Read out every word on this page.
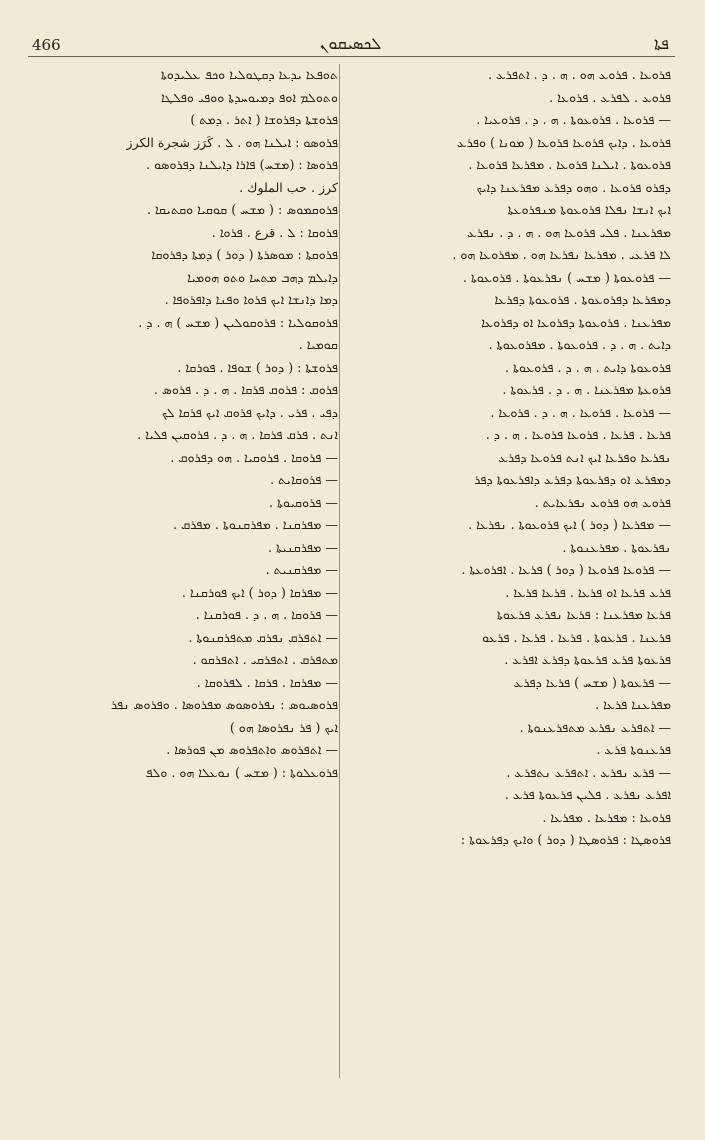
466	ܠܟܣܝܩܘܢ	ܦܬܐ
ܬܘܦܥܐ ܝܕܥܐ ܕܩܛܘܠܝܐ ܘܟܦ ܥܠܝܕܘܬܐ
ܘܬܘܠܡ ܐܘܦ ܕܡܝܘܚܕܬܐ ܘܘܦܝ ܘܦܠܛܐ
ܦܪܘܫܬܐ ܕܦܪܘܫܐ ( ܐܬܪ . ܕܡܬ )
ܦܪܘܣܘ : ܐܝܠܢܐ ܗܘ . ܠ . كَرَز شجرة الكرز
ܦܪܘܣܐ : (ܡܫܚ) ܦܐܪܐ ܕܐܝܠܢܐ ܕܦܪܘܣܘ .
كرز . حب الملوك .
ܦܪܘܩܡܘܣ : ( ܡܫܚ ) ܩܘܩܝܐ ܘܩܬܝܩܐ .
ܦܪܘܩܐ : ܠ . قرع . ܦܪܘܐ .
ܦܪܘܩܬܐ : ܡܘܣܪܬܐ ( ܕܘܪ ) ܕܡܬܐ ܕܦܪܘܩܐ
ܕܐܝܠܡ ܕܗܒ ܡܬܚܐ ܘܬܘ ܗܘܡܝܐ
ܕܡܐ ܕܐܢܫܐ ܐܝܟ ܦܪܘܐ ܘܦܢܐ ܕܐܦܪܘܦܐ .
ܦܪܘܩܘܠܝܐ : ܦܪܘܩܘܠܝܢ ( ܡܫܚ ) ܗ . ܕ .
ܩܘܡܝܐ .
ܦܪܘܫܬܐ : ( ܕܘܪ ) ܫܘܦܐ . ܦܘܪܩܐ .
ܦܪܘܩ : ܦܪܘܩ ܦܪܩܐ . ܗ . ܕ . ܦܪܘܣ .
ܕܦܝ . ܦܪܝ . ܕܐܝܟ ܦܪܘܩ ܐܝܟ ܦܪܩܐ ܠܟ
ܐܢܬ . ܦܪܩ ܦܪܩܐ . ܗ . ܕ . ܦܪܘܩܝܢ ܦܠܝܐ .
— ܦܪܘܩܐ . ܦܪܘܩܝܐ . ܗܘ ܕܦܪܘܩ .
— ܦܪܘܩܐܝܬ .
— ܦܪܘܩܝܘܬܐ .
— ܡܦܪܩܢܐ . ܡܦܪܩܢܘܬܐ . ܡܦܪܩ .
— ܡܦܪܩܢܝܬܐ .
— ܡܦܪܩܢܝܬ .
— ܡܦܪܩܐ ( ܕܘܪ ) ܐܝܟ ܦܘܪܩܢܐ .
— ܦܪܘܩܐ . ܗ . ܕ . ܦܘܪܩܢܐ .
— ܐܬܦܪܩ ܢܦܪܩ ܡܬܦܪܩܢܘܬܐ .
ܡܬܦܪܩ . ܐܬܦܪܩܝ . ܐܬܦܪܩܘ .
— ܡܦܪܩܐ . ܦܪܩܐ . ܠܦܪܘܩܐ .
ܦܪܘܣܝܘܣ : ܢܦܪܘܣܘܣ ܡܦܪܘܣܐ . ܘܦܪܘܣ ܢܦܪ
ܐܝܟ ( ܦܪ ܢܦܪܘܣܐ ܗܘ )
— ܐܬܦܪܘܣ ܘܐܬܦܪܘܣ ܡܢ ܦܘܪܣܐ .
ܦܪܘܥܠܘܬܐ : ( ܡܫܚ ) ܢܘܥܠܐ ܗܘ . ܘܠܦ
ܦܪܘܥܐ . ܦܪܘܥ ܗܘ . ܗ . ܕ . ܐܬܦܪܥ .
ܦܪܘܥ . ܠܦܪܥ . ܦܪܘܥܐ .
— ܦܪܘܥܐ . ܦܪܘܥܘܬܐ . ܗ . ܕ . ܦܪܘܥܝܐ .
ܦܪܘܥܐ . ܕܐܝܟ ܦܪܘܥܐ ܦܪܘܥܐ ( ܡܘܢܐ ) ܘܦܪܥ
ܦܪܘܥܘܬܐ . ܐܝܠܢܐ ܦܪܘܥܐ . ܡܦܪܥܐ ܦܪܘܥܐ .
ܕܦܪܘ ܦܪܘܥܐ . ܘܗܘ ܕܦܪܥ ܡܦܪܥܢܐ ܕܐܝܟ
ܐܝܟ ܐܢܫܐ ܢܦܠܐ ܦܪܘܥܘܬܐ ܡܢܦܪܘܥܬܐ
ܡܦܪܥܢܐ . ܦܠܝ ܦܪܘܥܐ ܗܘ . ܗ . ܕ . ܢܦܪܥ
ܠܐ ܦܪܥܝ . ܡܦܪܥܐ ܢܦܪܥܐ ܗܘ . ܡܦܪܘܥܐ ܗܘ .
— ܦܪܘܥܘܬܐ ( ܡܫܚ ) ܢܦܪܥܘܬܐ . ܦܪܘܥܘܬܐ .
ܕܡܦܪܥܐ ܕܦܪܘܥܘܬܐ . ܦܪܘܥܘܬܐ ܕܦܪܥܐ
ܡܦܪܥܢܐ . ܦܪܘܥܘܬܐ ܕܦܪܘܥܐ ܐܘ ܕܦܪܘܥܐ
ܕܐܝܬ . ܗ . ܕ . ܦܪܘܥܘܬܐ . ܡܦܪܘܥܘܬܐ .
ܦܪܘܥܘܬܐ ܕܐܝܬ . ܗ . ܕ . ܦܪܘܥܘܬܐ .
ܦܪܘܥܬܐ ܡܦܪܥܢܐ . ܗ . ܕ . ܦܪܥܘܬܐ .
— ܦܪܘܥܐ . ܦܪܘܥܐ . ܗ . ܕ . ܦܪܘܥܐ .
ܦܪܥܐ . ܦܪܥܐ . ܦܪܘܥܐ ܦܪܘܥܐ . ܗ . ܕ .
ܢܦܪܥܐ ܘܦܪܥܐ ܐܝܟ ܐܢܬ ܦܪܘܥܐ ܕܦܪܥ
ܕܡܦܪܥ ܐܘ ܕܦܪܥܘܬܐ ܕܦܪܥ ܕܐܦܪܥܘܬܐ ܕܦܪ
ܦܪܘܥ ܗܘ ܦܪܘܥ ܢܦܪܥܐܝܬ .
— ܡܦܪܥܐ ( ܕܘܪ ) ܐܝܟ ܦܪܘܥܘܬܐ . ܢܦܪܥܐ .
ܢܦܪܥܘܬܐ . ܡܦܪܥܢܘܬܐ .
— ܦܪܘܥܐ ܦܪܘܥܐ ( ܕܘܪ ) ܦܪܥܐ . ܐܦܪܘܥܬܐ .
ܦܪܥ ܦܪܥܐ ܐܘ ܦܪܥܐ . ܦܪܥܐ ܦܪܥܐ .
ܦܪܥܐ ܡܦܪܥܢܐ : ܦܪܥܐ ܢܦܪܥ ܦܪܥܘܬܐ
ܦܪܥܢܐ . ܦܪܥܘܬܐ . ܦܪܥܐ . ܦܪܥܐ . ܦܪܥܘ
ܦܪܥܘܬܐ ܦܪܥ ܦܪܥܘܬܐ ܕܦܪܥ ܐܦܪܥ .
— ܦܪܥܘܬܐ ( ܡܫܚ ) ܦܪܥܐ ܕܦܪܥ
ܡܦܪܥܢܐ ܦܪܥܐ .
— ܐܬܦܪܥ ܢܦܪܥ ܡܬܦܪܥܢܘܬܐ .
ܦܪܥܢܘܬܐ ܦܪܥ .
— ܦܪܥ ܢܦܪܥ . ܐܬܦܪܥ ܢܬܦܪܥ .
ܐܦܪܥ ܢܦܪܥ . ܦܠܝܢ ܦܪܥܘܬܐ ܦܪܥ .
ܦܪܘܥܐ : ܡܦܪܥܐ . ܡܦܪܥܐ .
ܦܪܘܣܛܐ : ܦܪܘܣܛܐ ( ܕܘܪ ) ܘܐܝܟ ܕܦܪܥܘܬܐ :
